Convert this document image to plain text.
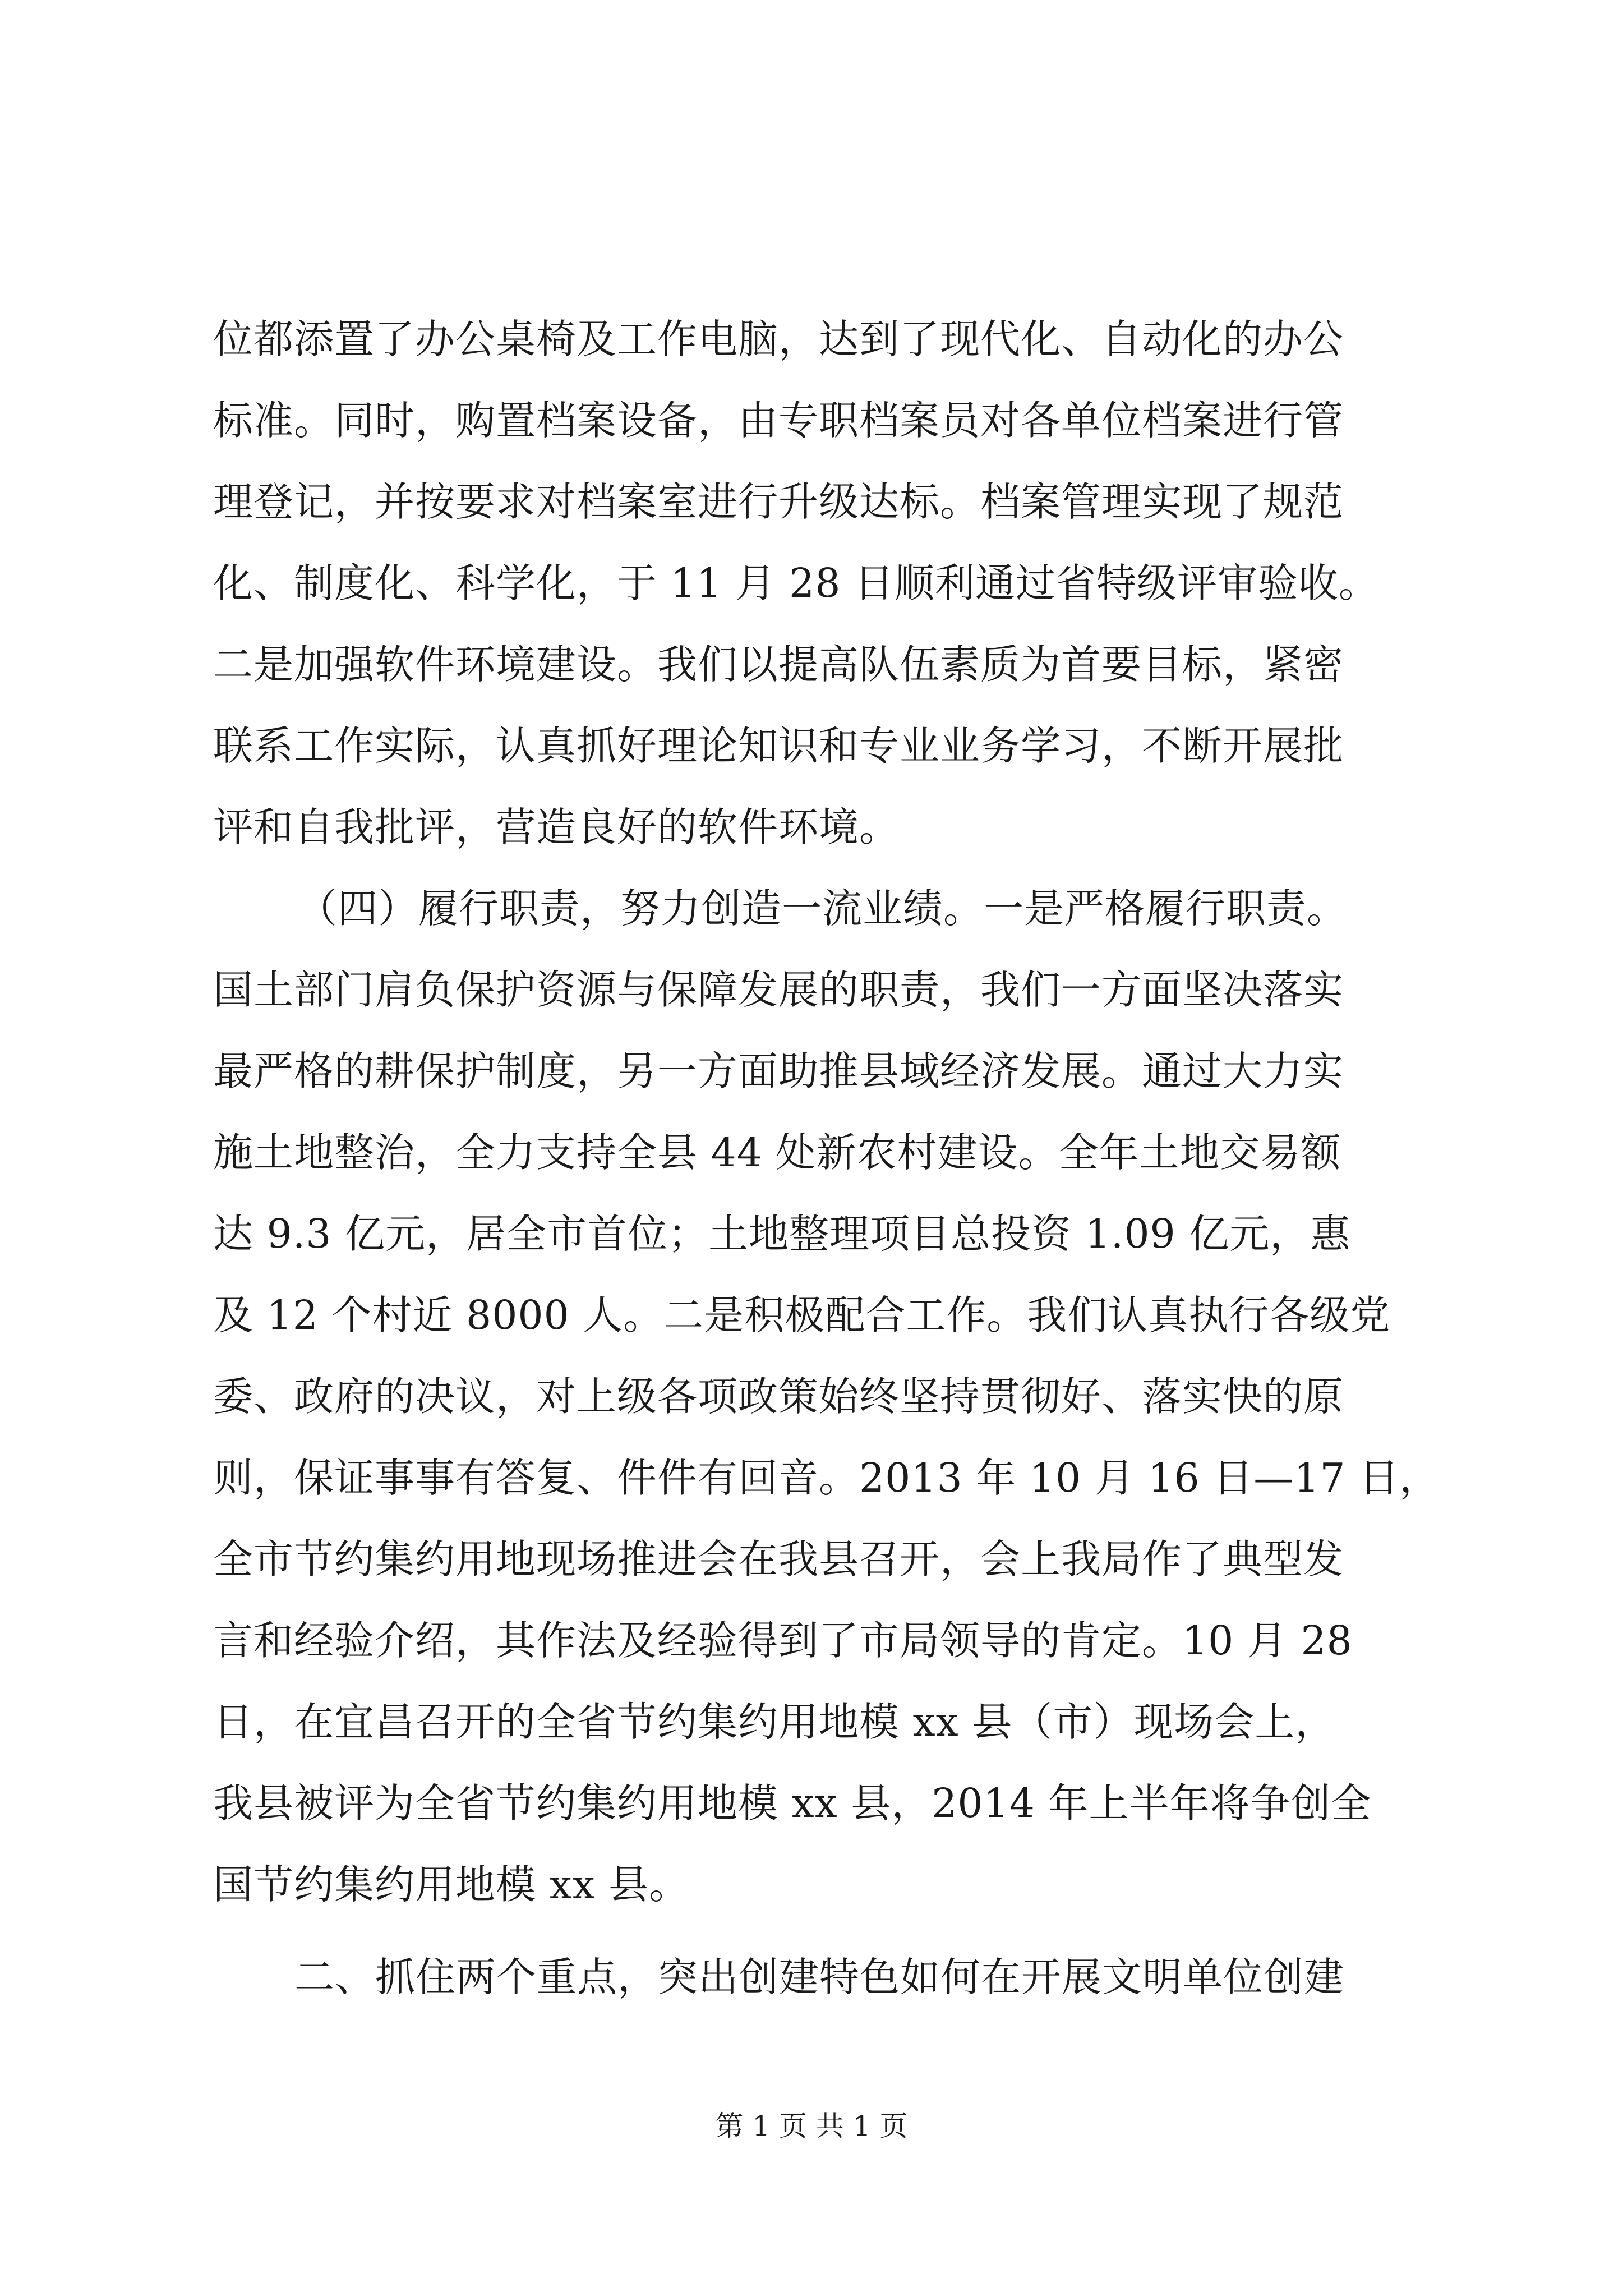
位都添置了办公桌椅及工作电脑，达到了现代化、自动化的办公
标准。同时，购置档案设备，由专职档案员对各单位档案进行管
理登记，并按要求对档案室进行升级达标。档案管理实现了规范
化、制度化、科学化，于 11 月 28 日顺利通过省特级评审验收。
二是加强软件环境建设。我们以提高队伍素质为首要目标，紧密
联系工作实际，认真抓好理论知识和专业业务学习，不断开展批
评和自我批评，营造良好的软件环境。
（四）履行职责，努力创造一流业绩。一是严格履行职责。
国土部门肩负保护资源与保障发展的职责，我们一方面坚决落实
最严格的耕保护制度，另一方面助推县域经济发展。通过大力实
施土地整治，全力支持全县 44 处新农村建设。全年土地交易额
达 9.3 亿元，居全市首位；土地整理项目总投资 1.09 亿元，惠
及 12 个村近 8000 人。二是积极配合工作。我们认真执行各级党
委、政府的决议，对上级各项政策始终坚持贯彻好、落实快的原
则，保证事事有答复、件件有回音。2013 年 10 月 16 日—17 日，
全市节约集约用地现场推进会在我县召开，会上我局作了典型发
言和经验介绍，其作法及经验得到了市局领导的肯定。10 月 28
日，在宜昌召开的全省节约集约用地模 xx 县（市）现场会上，
我县被评为全省节约集约用地模 xx 县，2014 年上半年将争创全
国节约集约用地模 xx 县。
二、抓住两个重点，突出创建特色如何在开展文明单位创建
第 1 页 共 1 页
